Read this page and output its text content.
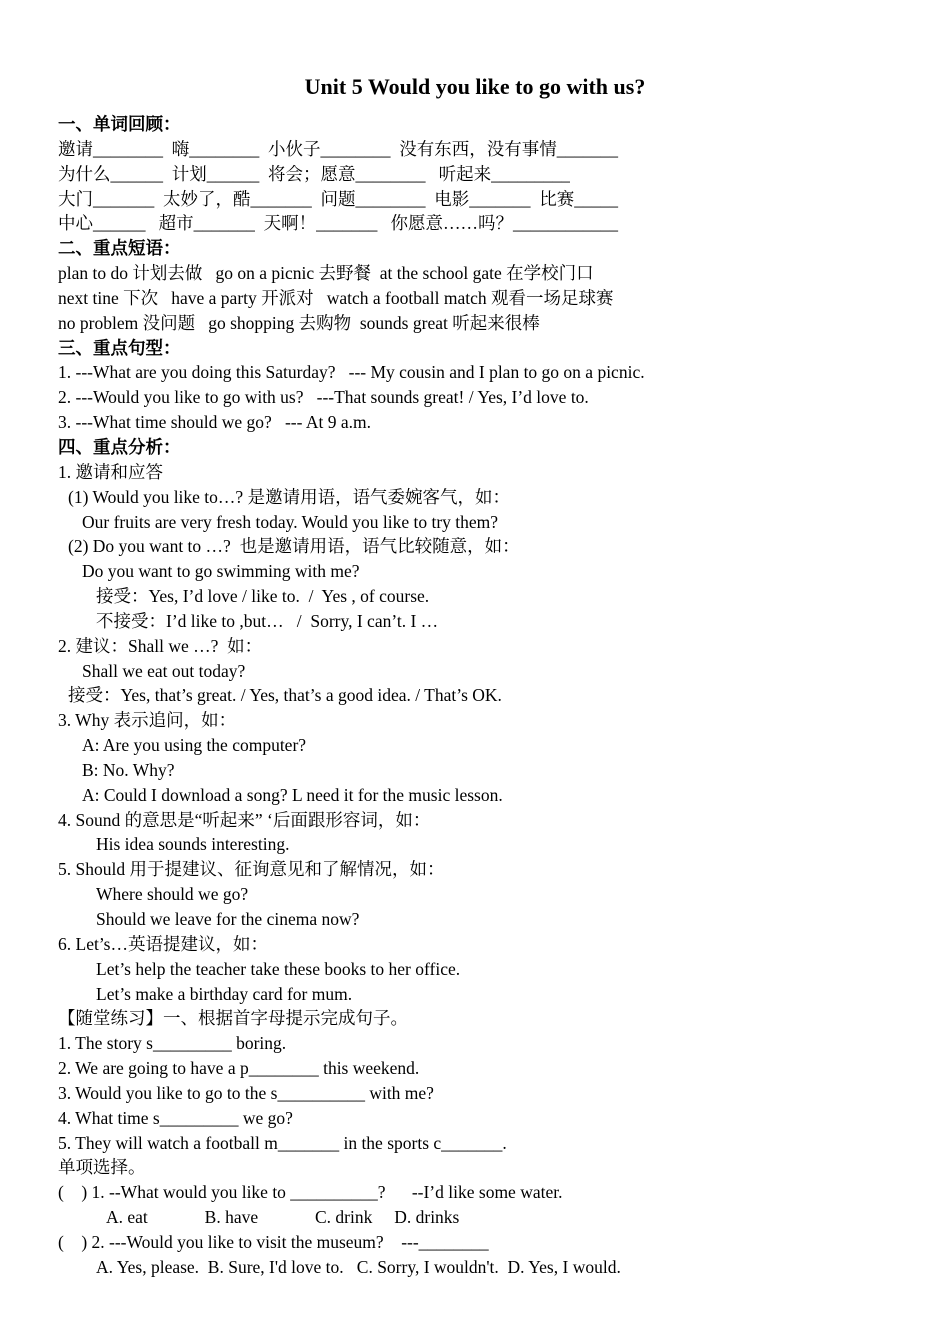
Unit 5 Would you like to go with us?
一、单词回顾：
邀请________  嗨________  小伙子________  没有东西，没有事情_______
为什么______  计划______  将会；愿意________   听起来_________
大门_______  太妙了，酷_______  问题________  电影_______  比赛_____
中心______   超市_______  天啊！_______   你愿意……吗？____________
二、重点短语：
plan to do 计划去做   go on a picnic 去野餐  at the school gate 在学校门口
next tine 下次   have a party 开派对   watch a football match 观看一场足球赛
no problem 没问题   go shopping 去购物  sounds great 听起来很棒
三、重点句型：
1. ---What are you doing this Saturday?   --- My cousin and I plan to go on a picnic.
2. ---Would you like to go with us?   ---That sounds great! / Yes, I’d love to.
3. ---What time should we go?   --- At 9 a.m.
四、重点分析：
1. 邀请和应答
(1) Would you like to…? 是邀请用语，语气委婉客气，如：
Our fruits are very fresh today. Would you like to try them?
(2) Do you want to …?  也是邀请用语，语气比较随意，如：
Do you want to go swimming with me?
接受：Yes, I’d love / like to.  /  Yes , of course.
不接受：I’d like to ,but…   /  Sorry, I can’t. I …
2. 建议：Shall we …?  如：
Shall we eat out today?
接受：Yes, that’s great. / Yes, that’s a good idea. / That’s OK.
3. Why 表示追问，如：
A: Are you using the computer?
B: No. Why?
A: Could I download a song? L need it for the music lesson.
4. Sound 的意思是“听起来” ‘后面跟形容词，如：
His idea sounds interesting.
5. Should 用于提建议、征询意见和了解情况，如：
Where should we go?
Should we leave for the cinema now?
6. Let’s…英语提建议，如：
Let’s help the teacher take these books to her office.
Let’s make a birthday card for mum.
【随堂练习】一、根据首字母提示完成句子。
1. The story s_________ boring.
2. We are going to have a p________ this weekend.
3. Would you like to go to the s__________ with me?
4. What time s_________ we go?
5. They will watch a football m_______ in the sports c_______.
单项选择。
(    ) 1. --What would you like to __________?      --I’d like some water.
A. eat             B. have             C. drink     D. drinks
(    ) 2. ---Would you like to visit the museum?    ---________
A. Yes, please.  B. Sure, I'd love to.   C. Sorry, I wouldn't.  D. Yes, I would.
